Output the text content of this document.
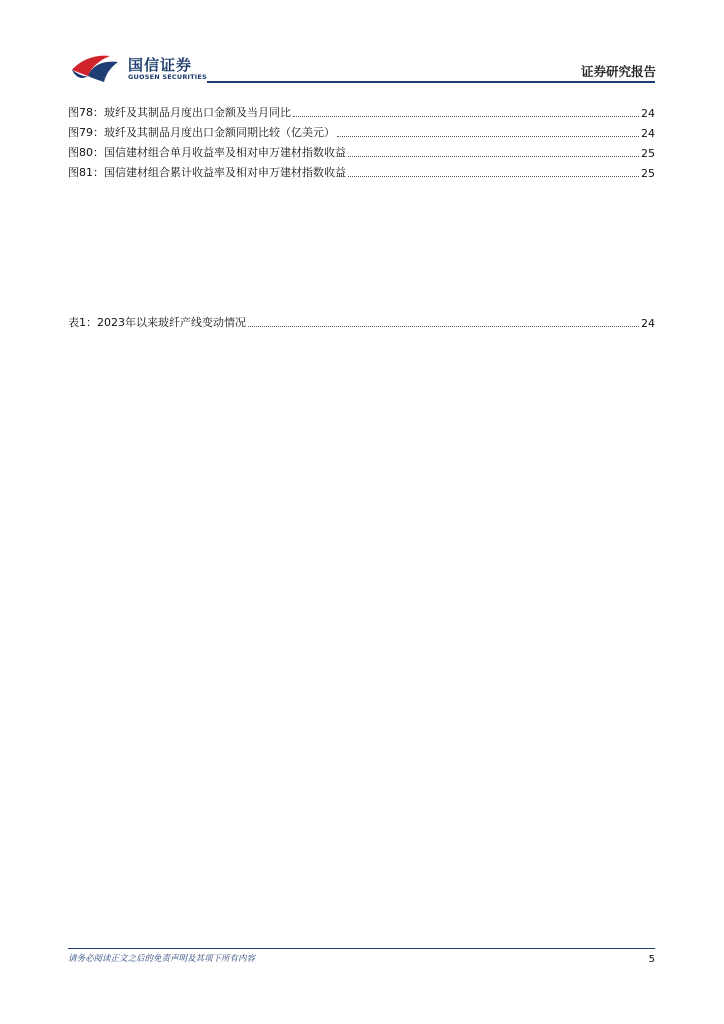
国信证券
GUOSEN SECURITIES	证券研究报告
图78： 玻纤及其制品月度出口金额及当月同比	24
图79： 玻纤及其制品月度出口金额同期比较（亿美元）	24
图80： 国信建材组合单月收益率及相对申万建材指数收益	25
图81： 国信建材组合累计收益率及相对申万建材指数收益	25
表1： 2023年以来玻纤产线变动情况	24
请务必阅读正文之后的免责声明及其项下所有内容	5
